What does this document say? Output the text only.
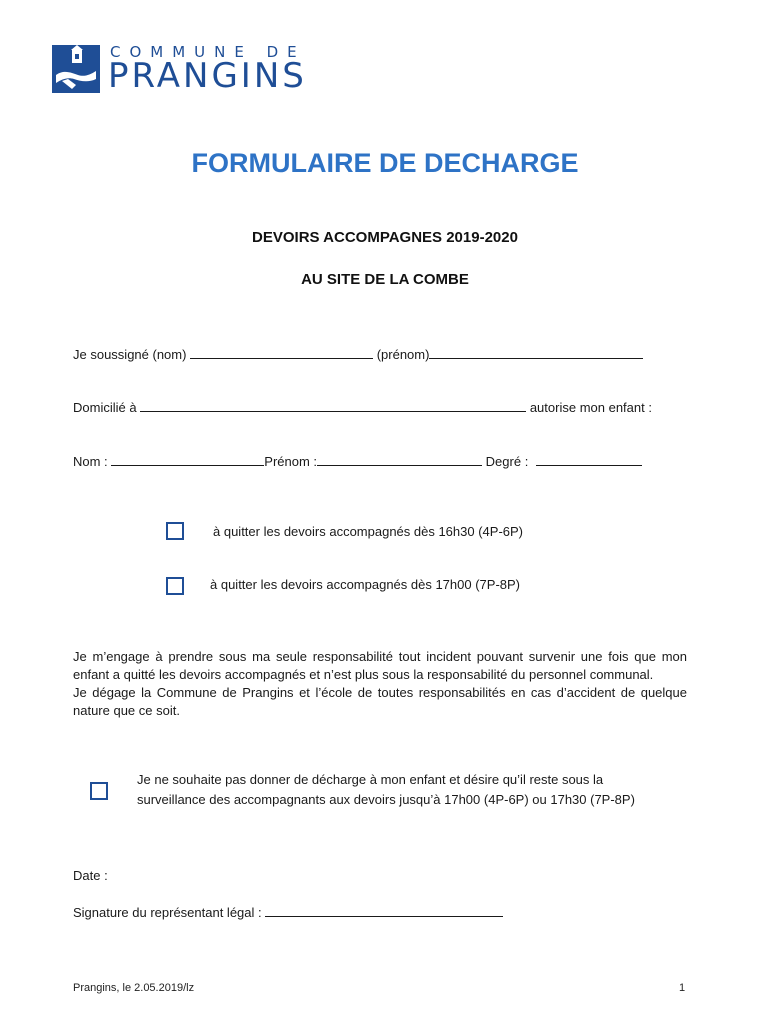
COMMUNE DE
PRANGINS
FORMULAIRE DE DECHARGE
DEVOIRS ACCOMPAGNES 2019-2020
AU SITE DE LA COMBE
Je soussigné (nom)	(prénom)
Domicilié à	autorise mon enfant :
Nom :	Prénom :	Degré :
à quitter les devoirs accompagnés dès 16h30 (4P-6P)
à quitter les devoirs accompagnés dès 17h00 (7P-8P)

Je m’engage à prendre sous ma seule responsabilité tout incident pouvant survenir une fois que mon enfant a quitté les devoirs accompagnés et n’est plus sous la responsabilité du personnel communal.

Je dégage la Commune de Prangins et l’école de toutes responsabilités en cas d’accident de quelque nature que ce soit.

Je ne souhaite pas donner de décharge à mon enfant et désire qu’il reste sous la
surveillance des accompagnants aux devoirs jusqu’à 17h00 (4P-6P) ou 17h30 (7P-8P)
Date :
Signature du représentant légal :
Prangins, le 2.05.2019/lz	1
